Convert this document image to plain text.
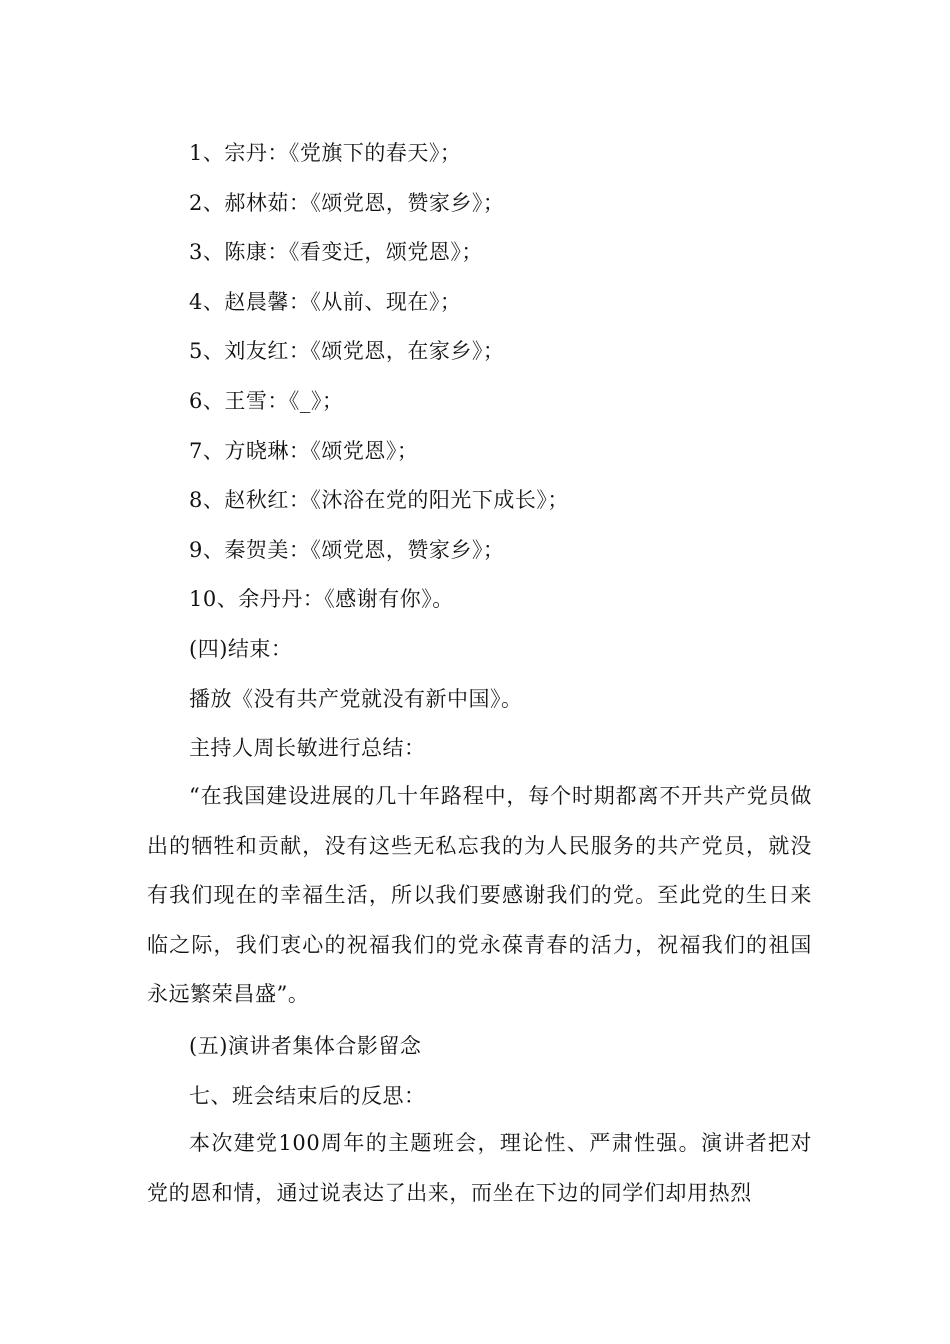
1、宗丹：《党旗下的春天》；
2、郝林茹：《颂党恩，赞家乡》；
3、陈康：《看变迁，颂党恩》；
4、赵晨馨：《从前、现在》；
5、刘友红：《颂党恩，在家乡》；
6、王雪：《_》；
7、方晓琳：《颂党恩》；
8、赵秋红：《沐浴在党的阳光下成长》；
9、秦贺美：《颂党恩，赞家乡》；
10、余丹丹：《感谢有你》。
(四)结束：
播放《没有共产党就没有新中国》。
主持人周长敏进行总结：
“在我国建设进展的几十年路程中，每个时期都离不开共产党员做出的牺牲和贡献，没有这些无私忘我的为人民服务的共产党员，就没有我们现在的幸福生活，所以我们要感谢我们的党。至此党的生日来临之际，我们衷心的祝福我们的党永葆青春的活力，祝福我们的祖国永远繁荣昌盛”。
(五)演讲者集体合影留念
七、班会结束后的反思：
本次建党100周年的主题班会，理论性、严肃性强。演讲者把对党的恩和情，通过说表达了出来，而坐在下边的同学们却用热烈
